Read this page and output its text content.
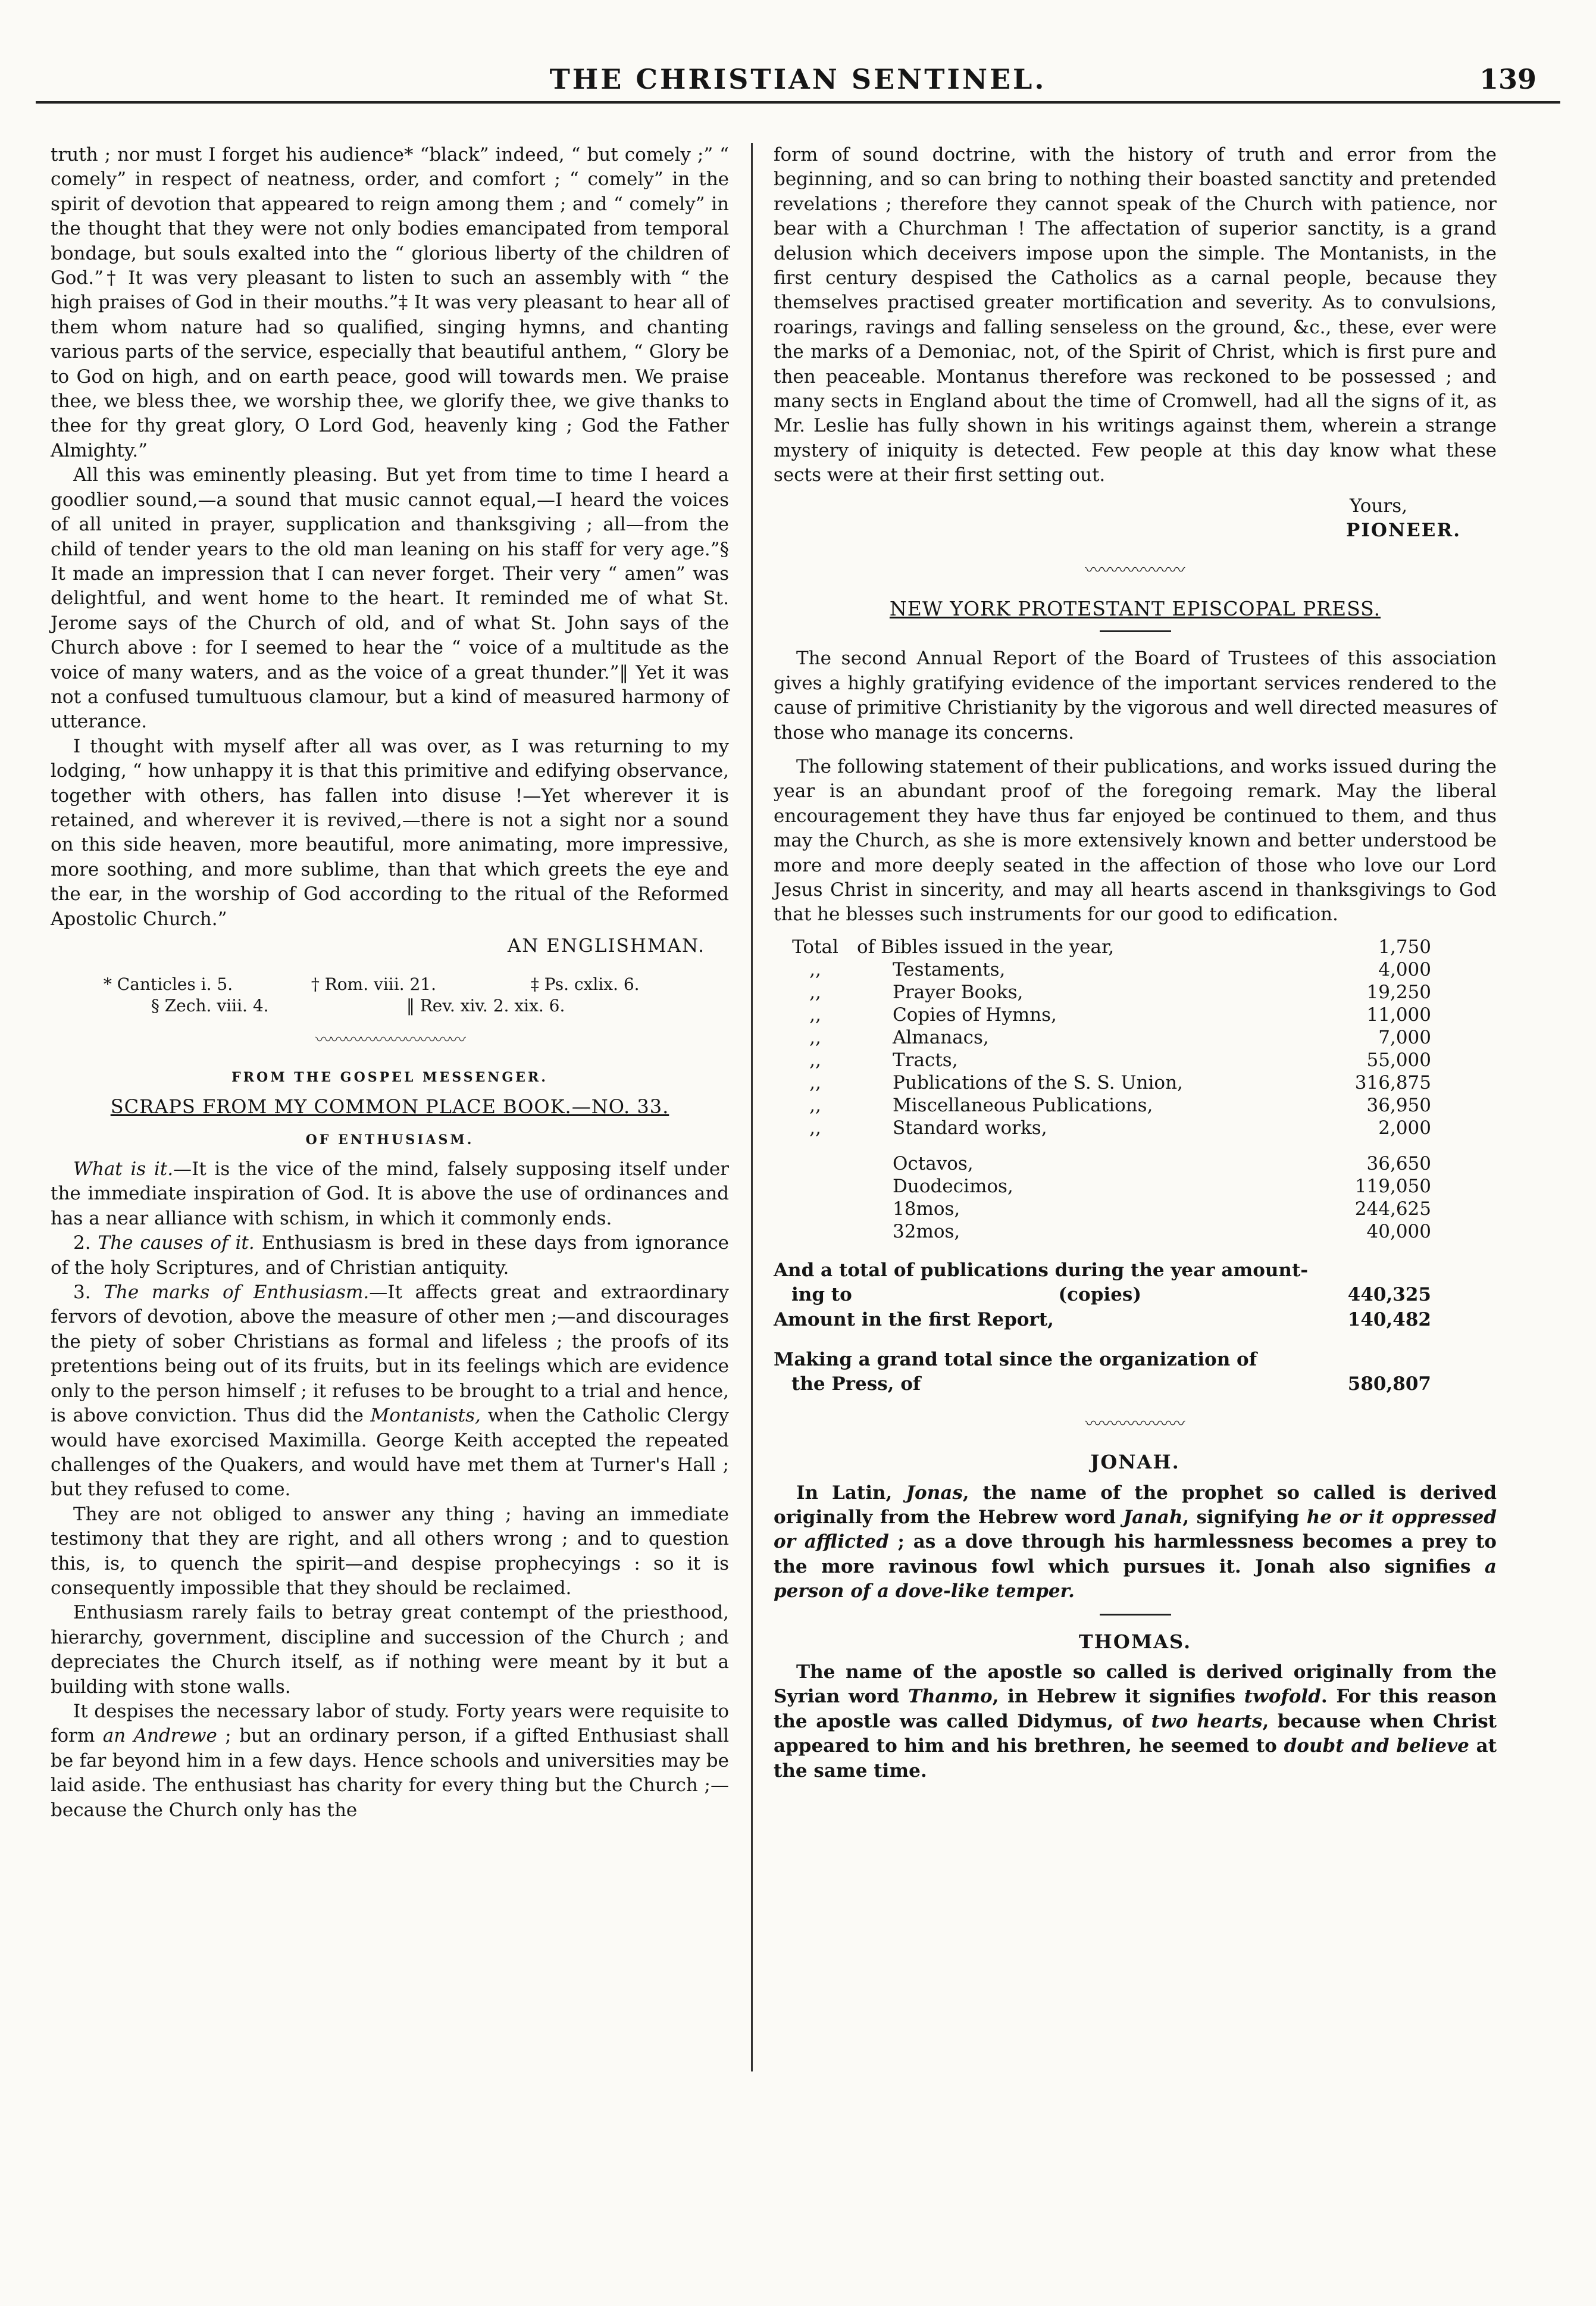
THE CHRISTIAN SENTINEL.	139

truth ; nor must I forget his audience* “black” indeed, “ but comely ;” “ comely” in respect of neatness, order, and comfort ; “ comely” in the spirit of devotion that appeared to reign among them ; and “ comely” in the thought that they were not only bodies emancipated from temporal bondage, but souls exalted into the “ glorious liberty of the children of God.”† It was very pleasant to listen to such an assembly with “ the high praises of God in their mouths.”‡ It was very pleasant to hear all of them whom nature had so qualified, singing hymns, and chanting various parts of the service, especially that beautiful anthem, “ Glory be to God on high, and on earth peace, good will towards men. We praise thee, we bless thee, we worship thee, we glorify thee, we give thanks to thee for thy great glory, O Lord God, heavenly king ; God the Father Almighty.”

All this was eminently pleasing. But yet from time to time I heard a goodlier sound,—a sound that music cannot equal,—I heard the voices of all united in prayer, supplication and thanksgiving ; all—from the child of tender years to the old man leaning on his staff for very age.”§ It made an impression that I can never forget. Their very “ amen” was delightful, and went home to the heart. It reminded me of what St. Jerome says of the Church of old, and of what St. John says of the Church above : for I seemed to hear the “ voice of a multitude as the voice of many waters, and as the voice of a great thunder.”‖ Yet it was not a confused tumultuous clamour, but a kind of measured harmony of utterance.

I thought with myself after all was over, as I was returning to my lodging, “ how unhappy it is that this primitive and edifying observance, together with others, has fallen into disuse !—Yet wherever it is retained, and wherever it is revived,—there is not a sight nor a sound on this side heaven, more beautiful, more animating, more impressive, more soothing, and more sublime, than that which greets the eye and the ear, in the worship of God according to the ritual of the Reformed Apostolic Church.”

AN ENGLISHMAN.

* Canticles i. 5.	† Rom. viii. 21.	‡ Ps. cxlix. 6.
§ Zech. viii. 4.	‖ Rev. xiv. 2. xix. 6.
〰〰〰〰〰〰〰〰〰〰
FROM THE GOSPEL MESSENGER.
SCRAPS FROM MY COMMON PLACE BOOK.—NO. 33.
OF ENTHUSIASM.

What is it.—It is the vice of the mind, falsely supposing itself under the immediate inspiration of God. It is above the use of ordinances and has a near alliance with schism, in which it commonly ends.

2. The causes of it. Enthusiasm is bred in these days from ignorance of the holy Scriptures, and of Christian antiquity.

3. The marks of Enthusiasm.—It affects great and extraordinary fervors of devotion, above the measure of other men ;—and discourages the piety of sober Christians as formal and lifeless ; the proofs of its pretentions being out of its fruits, but in its feelings which are evidence only to the person himself ; it refuses to be brought to a trial and hence, is above conviction. Thus did the Montanists, when the Catholic Clergy would have exorcised Maximilla. George Keith accepted the repeated challenges of the Quakers, and would have met them at Turner's Hall ; but they refused to come.

They are not obliged to answer any thing ; having an immediate testimony that they are right, and all others wrong ; and to question this, is, to quench the spirit—and despise prophecyings : so it is consequently impossible that they should be reclaimed.

Enthusiasm rarely fails to betray great contempt of the priesthood, hierarchy, government, discipline and succession of the Church ; and depreciates the Church itself, as if nothing were meant by it but a building with stone walls.

It despises the necessary labor of study. Forty years were requisite to form an Andrewe ; but an ordinary person, if a gifted Enthusiast shall be far beyond him in a few days. Hence schools and universities may be laid aside. The enthusiast has charity for every thing but the Church ;—because the Church only has the

form of sound doctrine, with the history of truth and error from the beginning, and so can bring to nothing their boasted sanctity and pretended revelations ; therefore they cannot speak of the Church with patience, nor bear with a Churchman ! The affectation of superior sanctity, is a grand delusion which deceivers impose upon the simple. The Montanists, in the first century despised the Catholics as a carnal people, because they themselves practised greater mortification and severity. As to convulsions, roarings, ravings and falling senseless on the ground, &c., these, ever were the marks of a Demoniac, not, of the Spirit of Christ, which is first pure and then peaceable. Montanus therefore was reckoned to be possessed ; and many sects in England about the time of Cromwell, had all the signs of it, as Mr. Leslie has fully shown in his writings against them, wherein a strange mystery of iniquity is detected. Few people at this day know what these sects were at their first setting out.

Yours,

PIONEER.

〰〰〰〰〰〰
NEW YORK PROTESTANT EPISCOPAL PRESS.

The second Annual Report of the Board of Trustees of this association gives a highly gratifying evidence of the important services rendered to the cause of primitive Christianity by the vigorous and well directed measures of those who manage its concerns.

The following statement of their publications, and works issued during the year is an abundant proof of the foregoing remark. May the liberal encouragement they have thus far enjoyed be continued to them, and thus may the Church, as she is more extensively known and better understood be more and more deeply seated in the affection of those who love our Lord Jesus Christ in sincerity, and may all hearts ascend in thanksgivings to God that he blesses such instruments for our good to edification.

Total	of Bibles issued in the year,	1,750
,,	Testaments,	4,000
,,	Prayer Books,	19,250
,,	Copies of Hymns,	11,000
,,	Almanacs,	7,000
,,	Tracts,	55,000
,,	Publications of the S. S. Union,	316,875
,,	Miscellaneous Publications,	36,950
,,	Standard works,	2,000

	Octavos,	36,650
	Duodecimos,	119,050
	18mos,	244,625
	32mos,	40,000
And a total of publications during the year amount-
ing to	(copies)	440,325
Amount in the first Report,	140,482
Making a grand total since the organization of
the Press, of	580,807
〰〰〰〰〰〰
JONAH.

In Latin, Jonas, the name of the prophet so called is derived originally from the Hebrew word Janah, signifying he or it oppressed or afflicted ; as a dove through his harmlessness becomes a prey to the more ravinous fowl which pursues it. Jonah also signifies a person of a dove-like temper.

THOMAS.

The name of the apostle so called is derived originally from the Syrian word Thanmo, in Hebrew it signifies twofold. For this reason the apostle was called Didymus, of two hearts, because when Christ appeared to him and his brethren, he seemed to doubt and believe at the same time.
